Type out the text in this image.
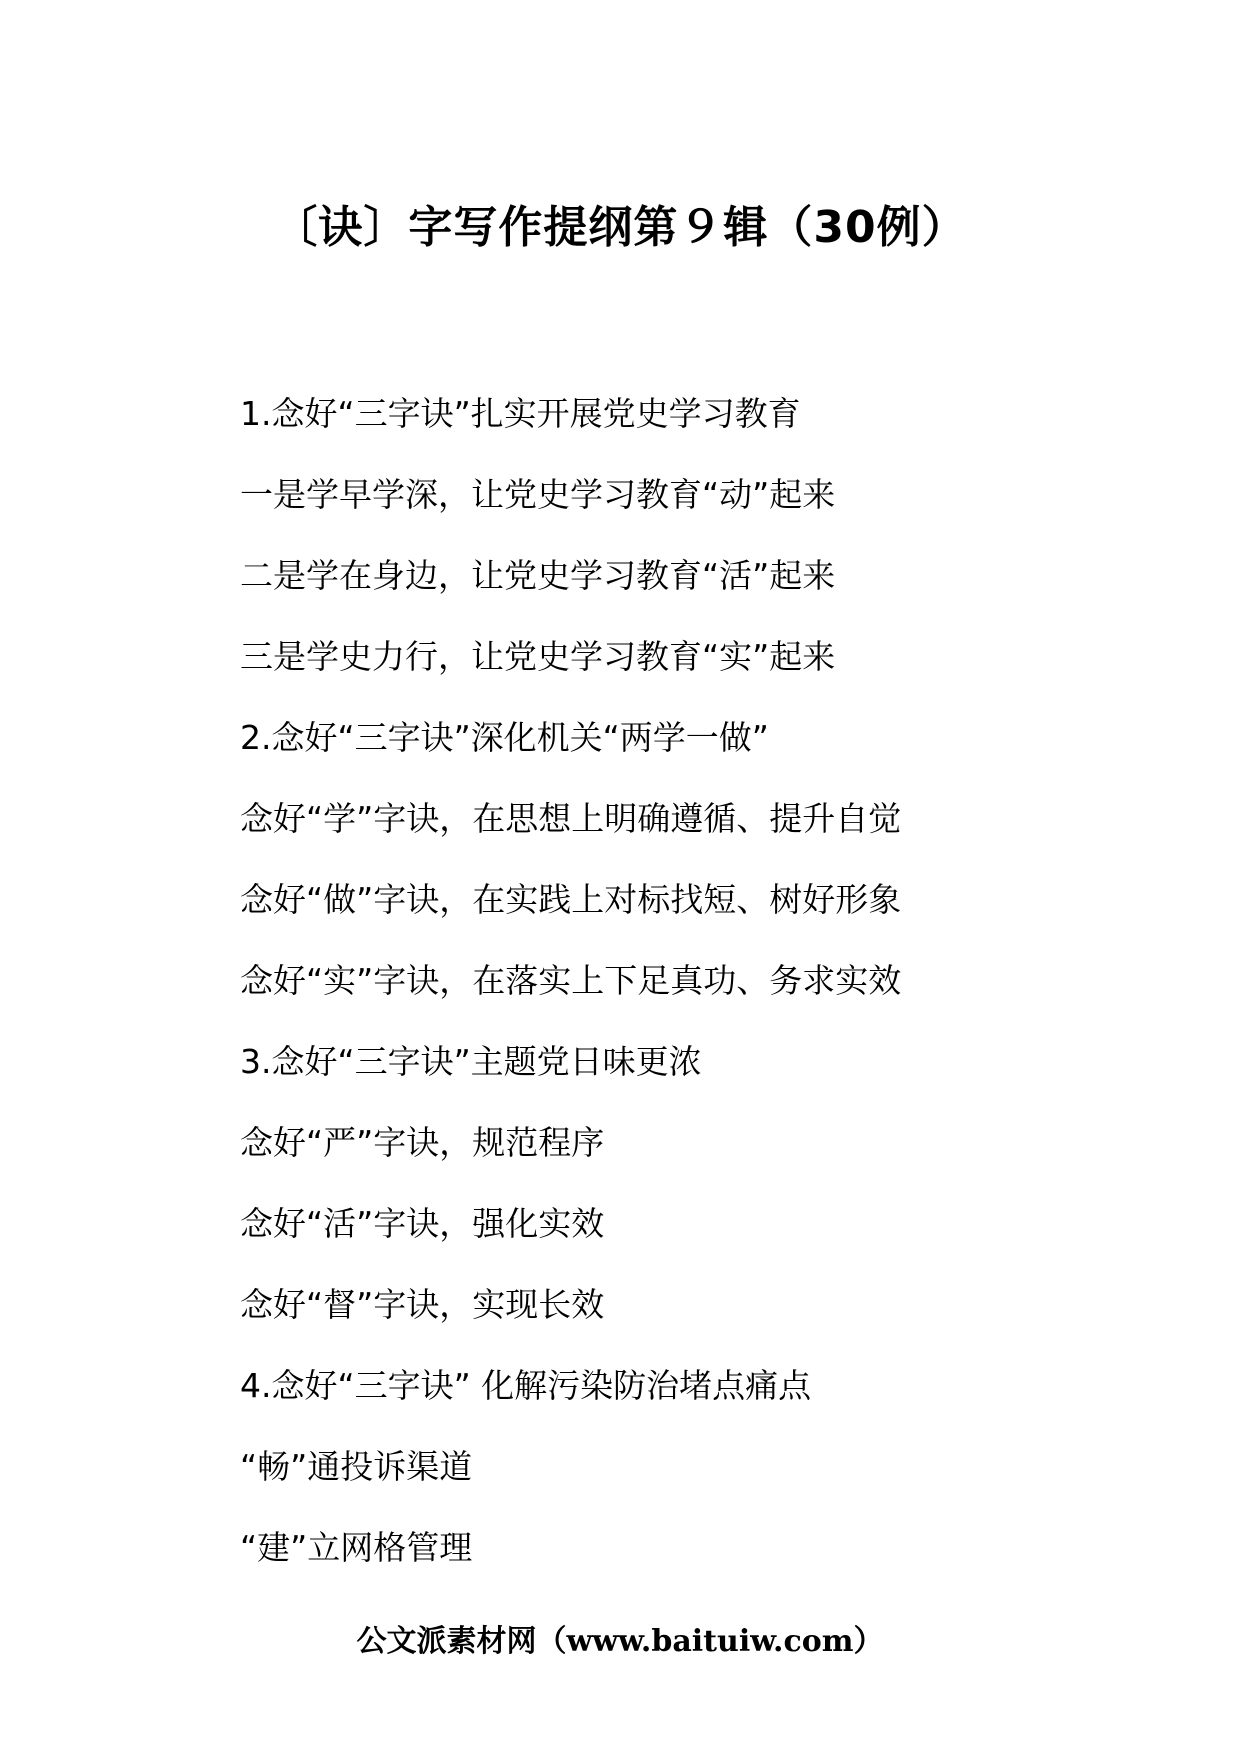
〔诀〕字写作提纲第９辑（30例）
1.念好“三字诀”扎实开展党史学习教育
一是学早学深，让党史学习教育“动”起来
二是学在身边，让党史学习教育“活”起来
三是学史力行，让党史学习教育“实”起来
2.念好“三字诀”深化机关“两学一做”
念好“学”字诀，在思想上明确遵循、提升自觉
念好“做”字诀，在实践上对标找短、树好形象
念好“实”字诀，在落实上下足真功、务求实效
3.念好“三字诀”主题党日味更浓
念好“严”字诀，规范程序
念好“活”字诀，强化实效
念好“督”字诀，实现长效
4.念好“三字诀” 化解污染防治堵点痛点
“畅”通投诉渠道
“建”立网格管理
公文派素材网（www.baituiw.com）
